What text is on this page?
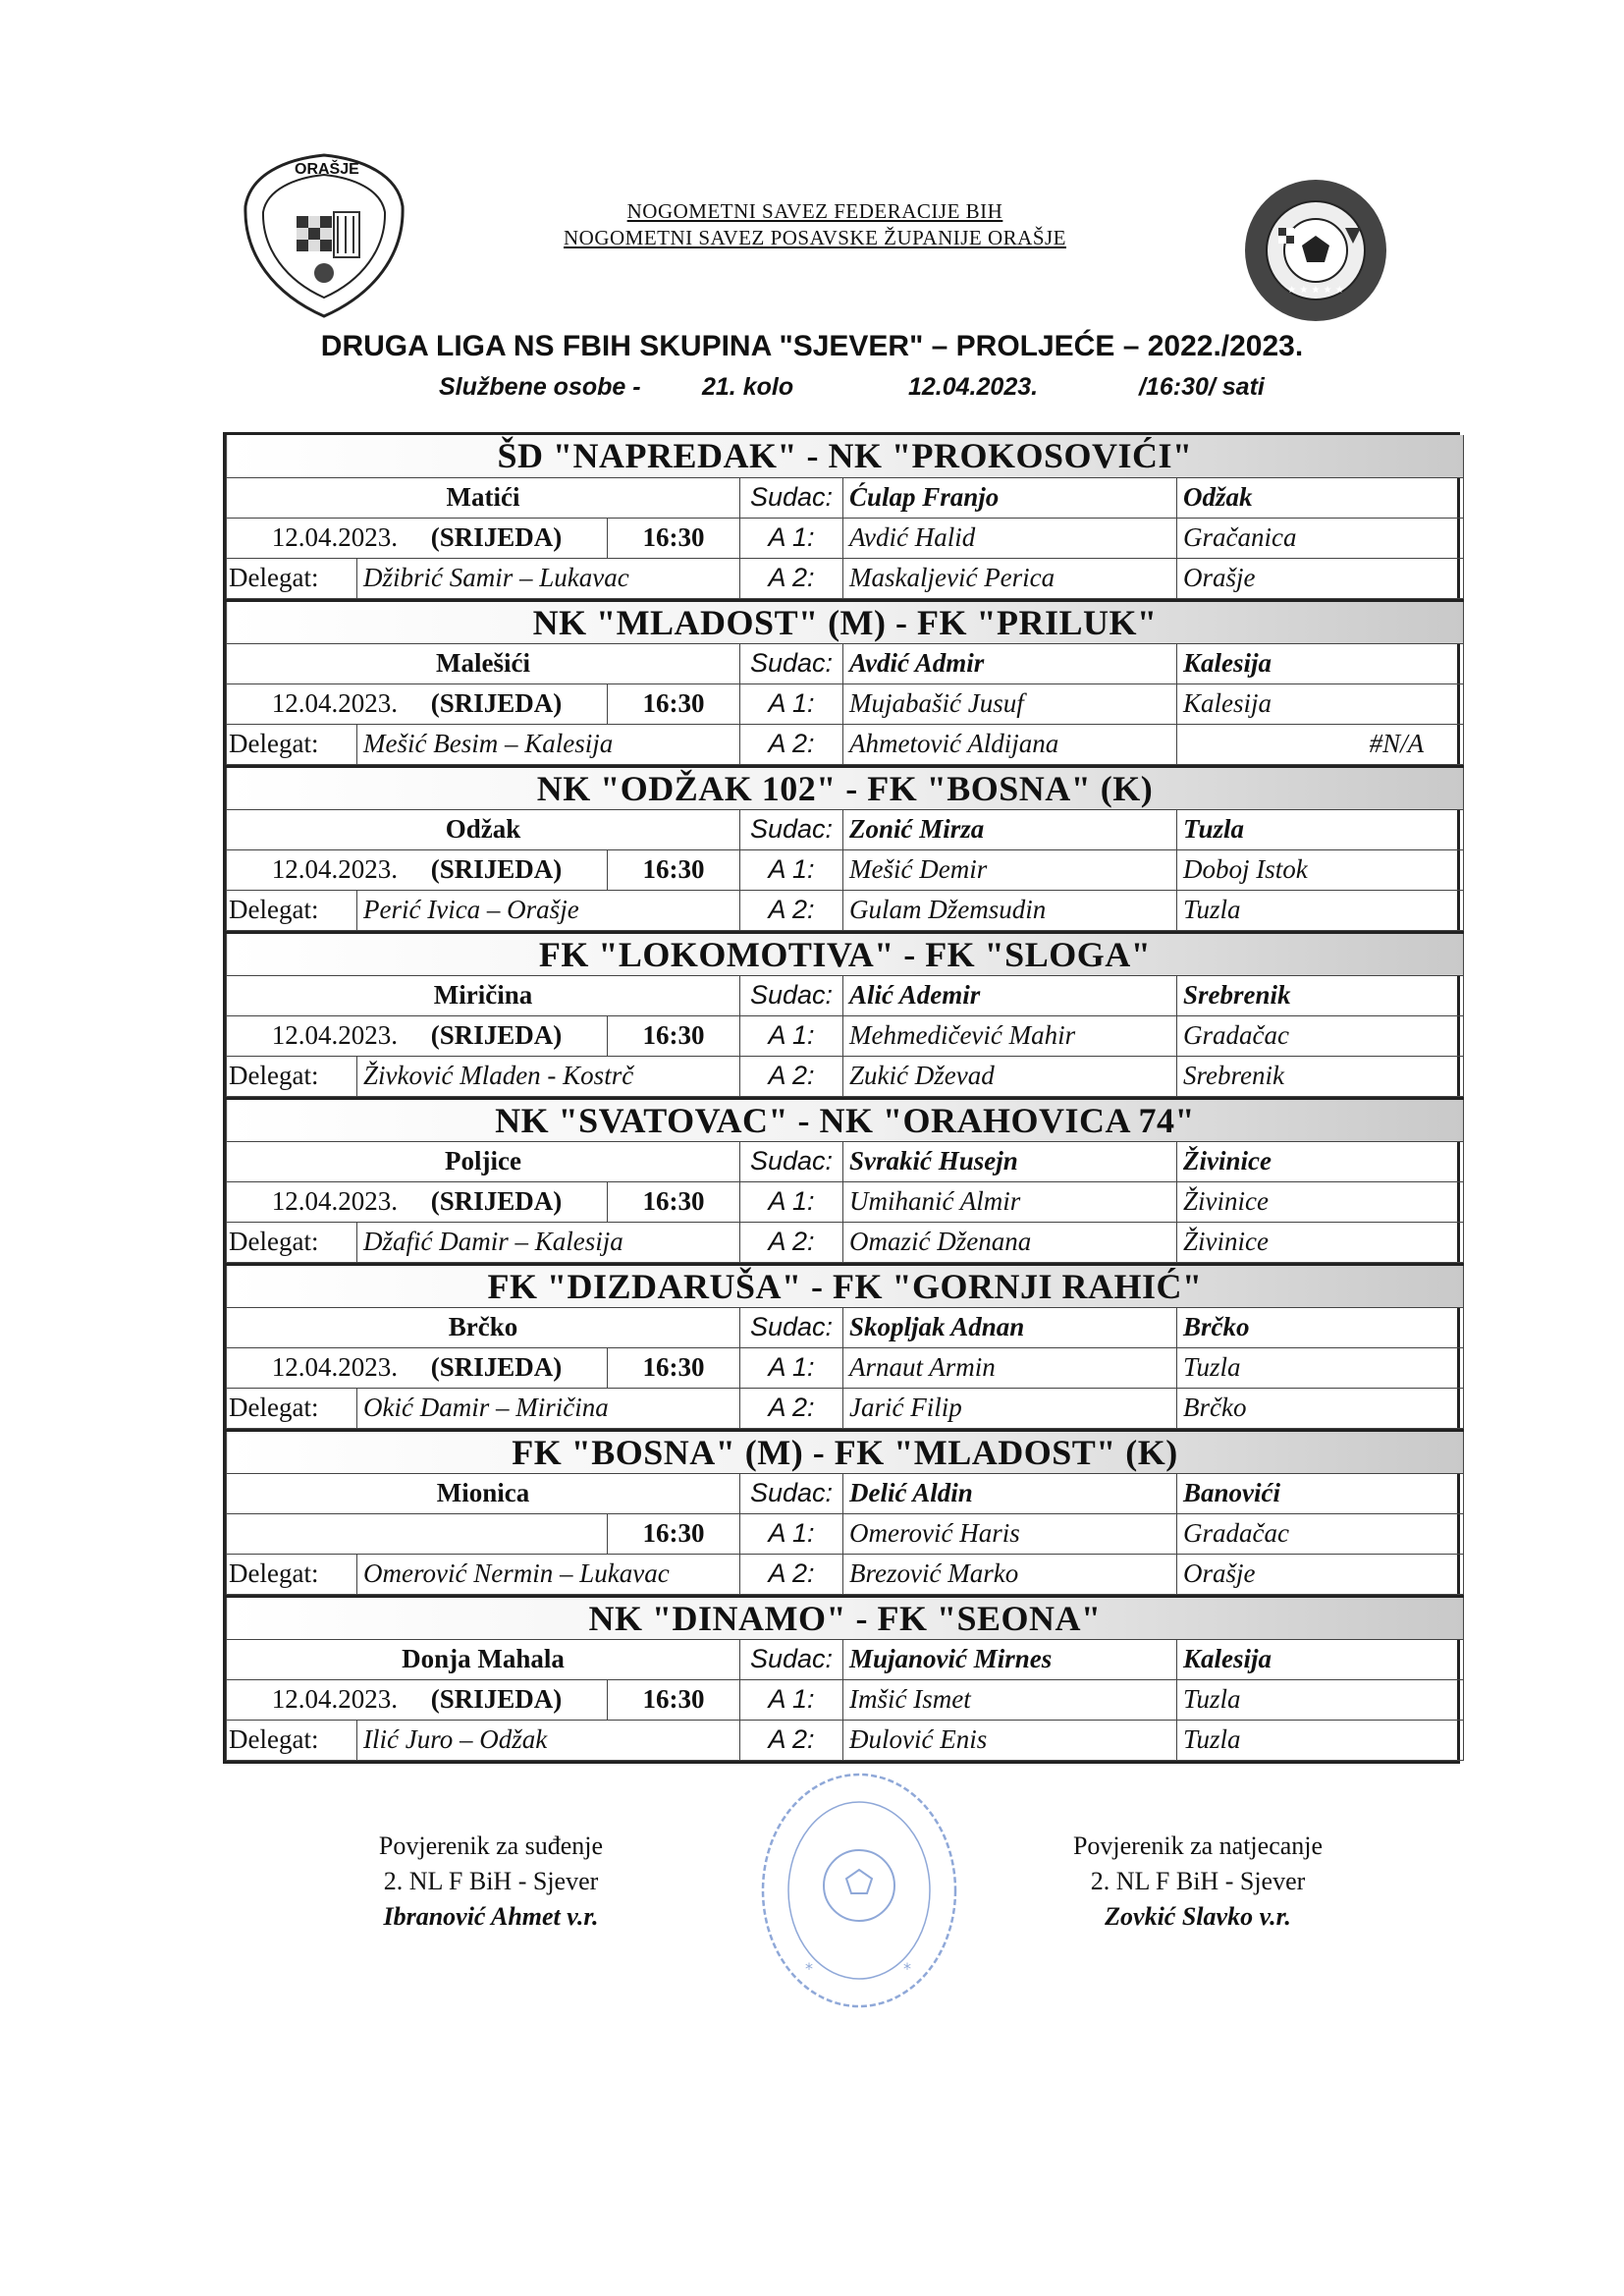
ORAŠJE
★ ★ ★ ★ ★
NOGOMETNI SAVEZ FEDERACIJE BIH
NOGOMETNI SAVEZ POSAVSKE ŽUPANIJE ORAŠJE
DRUGA LIGA NS FBIH SKUPINA "SJEVER" – PROLJEĆE – 2022./2023.
Službene osobe - 21. kolo	12.04.2023.	/16:30/ sati
ŠD "NAPREDAK" - NK "PROKOSOVIĆI"					
Matići			Sudac:	Ćulap Franjo	Odžak
12.04.2023. (SRIJEDA)		16:30	A 1:	Avdić Halid	Gračanica
Delegat:	Džibrić Samir – Lukavac		A 2:	Maskaljević Perica	Orašje
NK "MLADOST" (M) - FK "PRILUK"					
Malešići			Sudac:	Avdić Admir	Kalesija
12.04.2023. (SRIJEDA)		16:30	A 1:	Mujabašić Jusuf	Kalesija
Delegat:	Mešić Besim – Kalesija		A 2:	Ahmetović Aldijana	#N/A
NK "ODŽAK 102" - FK "BOSNA" (K)					
Odžak			Sudac:	Zonić Mirza	Tuzla
12.04.2023. (SRIJEDA)		16:30	A 1:	Mešić Demir	Doboj Istok
Delegat:	Perić Ivica – Orašje		A 2:	Gulam Džemsudin	Tuzla
FK "LOKOMOTIVA" - FK "SLOGA"					
Miričina			Sudac:	Alić Ademir	Srebrenik
12.04.2023. (SRIJEDA)		16:30	A 1:	Mehmedičević Mahir	Gradačac
Delegat:	Živković Mladen - Kostrč		A 2:	Zukić Dževad	Srebrenik
NK "SVATOVAC" - NK "ORAHOVICA 74"					
Poljice			Sudac:	Svrakić Husejn	Živinice
12.04.2023. (SRIJEDA)		16:30	A 1:	Umihanić Almir	Živinice
Delegat:	Džafić Damir – Kalesija		A 2:	Omazić Dženana	Živinice
FK "DIZDARUŠA" - FK "GORNJI RAHIĆ"					
Brčko			Sudac:	Skopljak Adnan	Brčko
12.04.2023. (SRIJEDA)		16:30	A 1:	Arnaut Armin	Tuzla
Delegat:	Okić Damir – Miričina		A 2:	Jarić Filip	Brčko
FK "BOSNA" (M) - FK "MLADOST" (K)					
Mionica			Sudac:	Delić Aldin	Banovići
		16:30	A 1:	Omerović Haris	Gradačac
Delegat:	Omerović Nermin – Lukavac		A 2:	Brezović Marko	Orašje
NK "DINAMO" - FK "SEONA"					
Donja Mahala			Sudac:	Mujanović Mirnes	Kalesija
12.04.2023. (SRIJEDA)		16:30	A 1:	Imšić Ismet	Tuzla
Delegat:	Ilić Juro – Odžak		A 2:	Đulović Enis	Tuzla
Povjerenik za suđenje
2. NL F BiH - Sjever
Ibranović Ahmet v.r.
Povjerenik za natjecanje
2. NL F BiH - Sjever
Zovkić Slavko v.r.
*	*
